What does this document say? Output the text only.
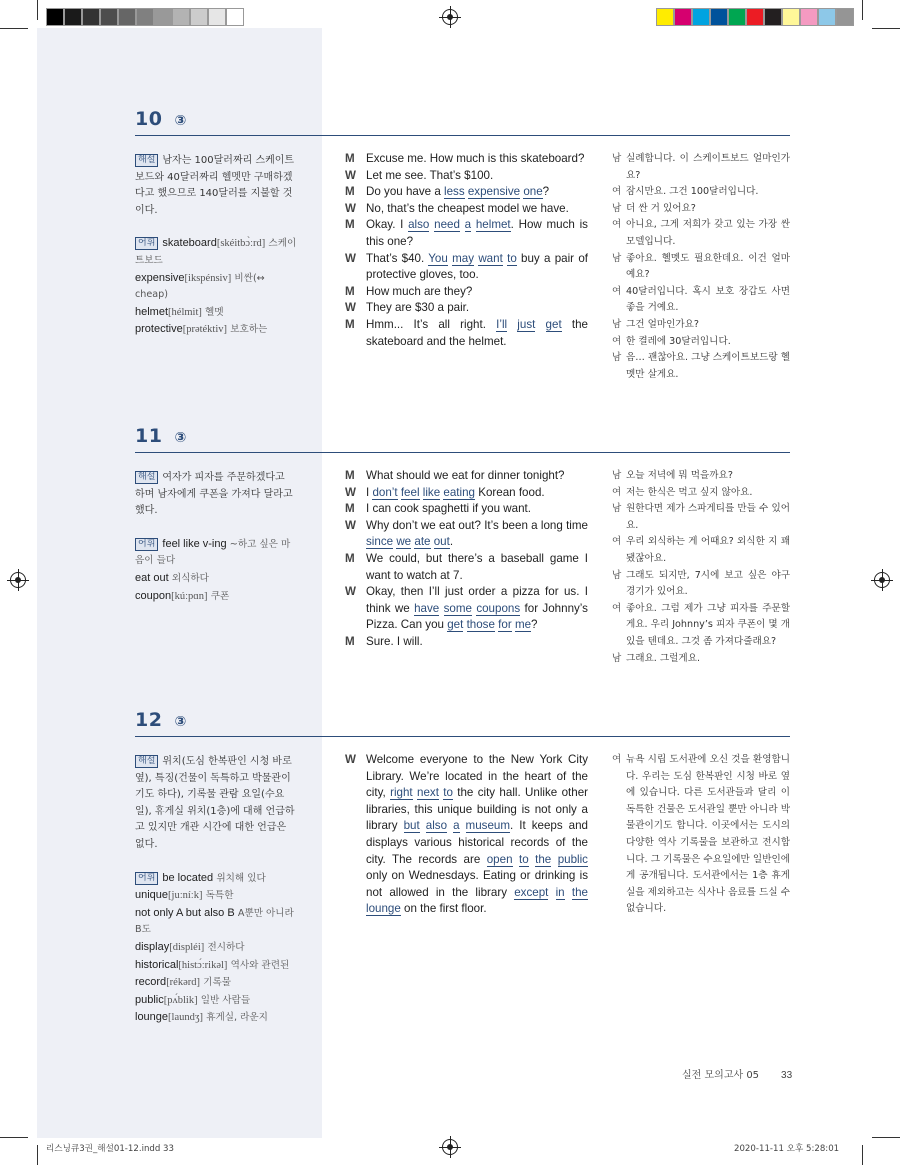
10 ③
해설 남자는 100달러짜리 스케이트보드와 40달러짜리 헬멧만 구매하겠다고 했으므로 140달러를 지불할 것이다.
어휘 skateboard[skéitbɔ̀ːrd] 스케이트보드
expensive[ikspénsiv] 비싼(↔ cheap)
helmet[hélmit] 헬멧
protective[prətéktiv] 보호하는
M Excuse me. How much is this skateboard?
W Let me see. That’s $100.
M Do you have a less expensive one?
W No, that’s the cheapest model we have.
M Okay. I also need a helmet. How much is this one?
W That’s $40. You may want to buy a pair of protective gloves, too.
M How much are they?
W They are $30 a pair.
M Hmm... It’s all right. I’ll just get the skateboard and the helmet.
남 실례합니다. 이 스케이트보드 얼마인가요?
여 잠시만요. 그건 100달러입니다.
남 더 싼 거 있어요?
여 아니요, 그게 저희가 갖고 있는 가장 싼 모델입니다.
남 좋아요. 헬멧도 필요한데요. 이건 얼마예요?
여 40달러입니다. 혹시 보호 장갑도 사면 좋을 거예요.
남 그건 얼마인가요?
여 한 켤레에 30달러입니다.
남 음… 괜찮아요. 그냥 스케이트보드랑 헬멧만 살게요.
11 ③
해설 여자가 피자를 주문하겠다고 하며 남자에게 쿠폰을 가져다 달라고 했다.
어휘 feel like v-ing ~하고 싶은 마음이 들다
eat out 외식하다
coupon[kúːpɑn] 쿠폰
M What should we eat for dinner tonight?
W I don’t feel like eating Korean food.
M I can cook spaghetti if you want.
W Why don’t we eat out? It’s been a long time since we ate out.
M We could, but there’s a baseball game I want to watch at 7.
W Okay, then I’ll just order a pizza for us. I think we have some coupons for Johnny’s Pizza. Can you get those for me?
M Sure. I will.
남 오늘 저녁에 뭐 먹을까요?
여 저는 한식은 먹고 싶지 않아요.
남 원한다면 제가 스파게티를 만들 수 있어요.
여 우리 외식하는 게 어때요? 외식한 지 꽤 됐잖아요.
남 그래도 되지만, 7시에 보고 싶은 야구 경기가 있어요.
여 좋아요. 그럼 제가 그냥 피자를 주문할게요. 우리 Johnny’s 피자 쿠폰이 몇 개 있을 텐데요. 그것 좀 가져다줄래요?
남 그래요. 그럴게요.
12 ③
해설 위치(도심 한복판인 시청 바로 옆), 특징(건물이 독특하고 박물관이기도 하다), 기록물 관람 요일(수요일), 휴게실 위치(1층)에 대해 언급하고 있지만 개관 시간에 대한 언급은 없다.
어휘 be located 위치해 있다
unique[juːníːk] 독특한
not only A but also B A뿐만 아니라 B도
display[displéi] 전시하다
historical[histɔ́ːrikəl] 역사와 관련된
record[rékərd] 기록물
public[pʌ́blik] 일반 사람들
lounge[laundʒ] 휴게실, 라운지
W Welcome everyone to the New York City Library. We’re located in the heart of the city, right next to the city hall. Unlike other libraries, this unique building is not only a library but also a museum. It keeps and displays various historical records of the city. The records are open to the public only on Wednesdays. Eating or drinking is not allowed in the library except in the lounge on the first floor.
여 뉴욕 시립 도서관에 오신 것을 환영합니다. 우리는 도심 한복판인 시청 바로 옆에 있습니다. 다른 도서관들과 달리 이 독특한 건물은 도서관일 뿐만 아니라 박물관이기도 합니다. 이곳에서는 도시의 다양한 역사 기록물을 보관하고 전시합니다. 그 기록물은 수요일에만 일반인에게 공개됩니다. 도서관에서는 1층 휴게실을 제외하고는 식사나 음료를 드실 수 없습니다.
실전 모의고사 05 33
리스닝큐3권_해설01-12.indd 33	2020-11-11 오후 5:28:01
